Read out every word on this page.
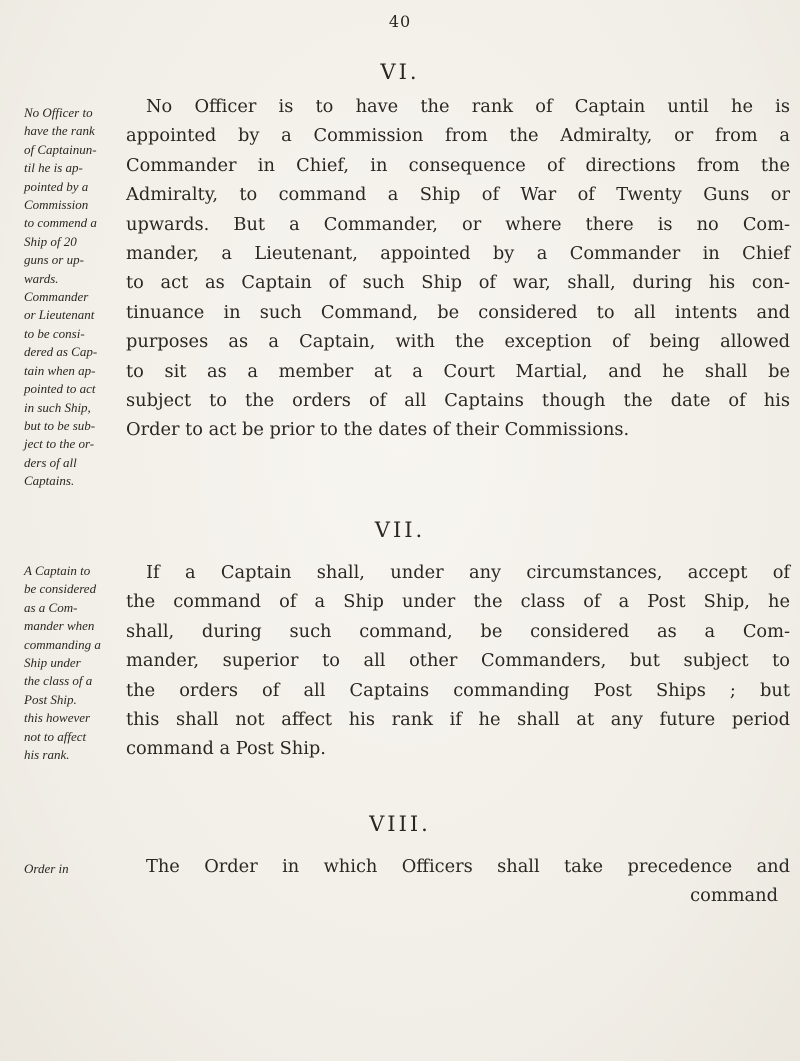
40
VI.
No Officer to
have the rank
of Captainun-
til he is ap-
pointed by a
Commission
to commend a
Ship of 20
guns or up-
wards.
Commander
or Lieutenant
to be consi-
dered as Cap-
tain when ap-
pointed to act
in such Ship,
but to be sub-
ject to the or-
ders of all
Captains.
No Officer is to have the rank of Captain until he is
appointed by a Commission from the Admiralty, or from a
Commander in Chief, in consequence of directions from the
Admiralty, to command a Ship of War of Twenty Guns or
upwards. But a Commander, or where there is no Com-
mander, a Lieutenant, appointed by a Commander in Chief
to act as Captain of such Ship of war, shall, during his con-
tinuance in such Command, be considered to all intents and
purposes as a Captain, with the exception of being allowed
to sit as a member at a Court Martial, and he shall be
subject to the orders of all Captains though the date of his
Order to act be prior to the dates of their Commissions.
VII.
A Captain to
be considered
as a Com-
mander when
commanding a
Ship under
the class of a
Post Ship.
this however
not to affect
his rank.
If a Captain shall, under any circumstances, accept of
the command of a Ship under the class of a Post Ship, he
shall, during such command, be considered as a Com-
mander, superior to all other Commanders, but subject to
the orders of all Captains commanding Post Ships ; but
this shall not affect his rank if he shall at any future period
command a Post Ship.
VIII.
Order in	The Order in which Officers shall take precedence and
command
